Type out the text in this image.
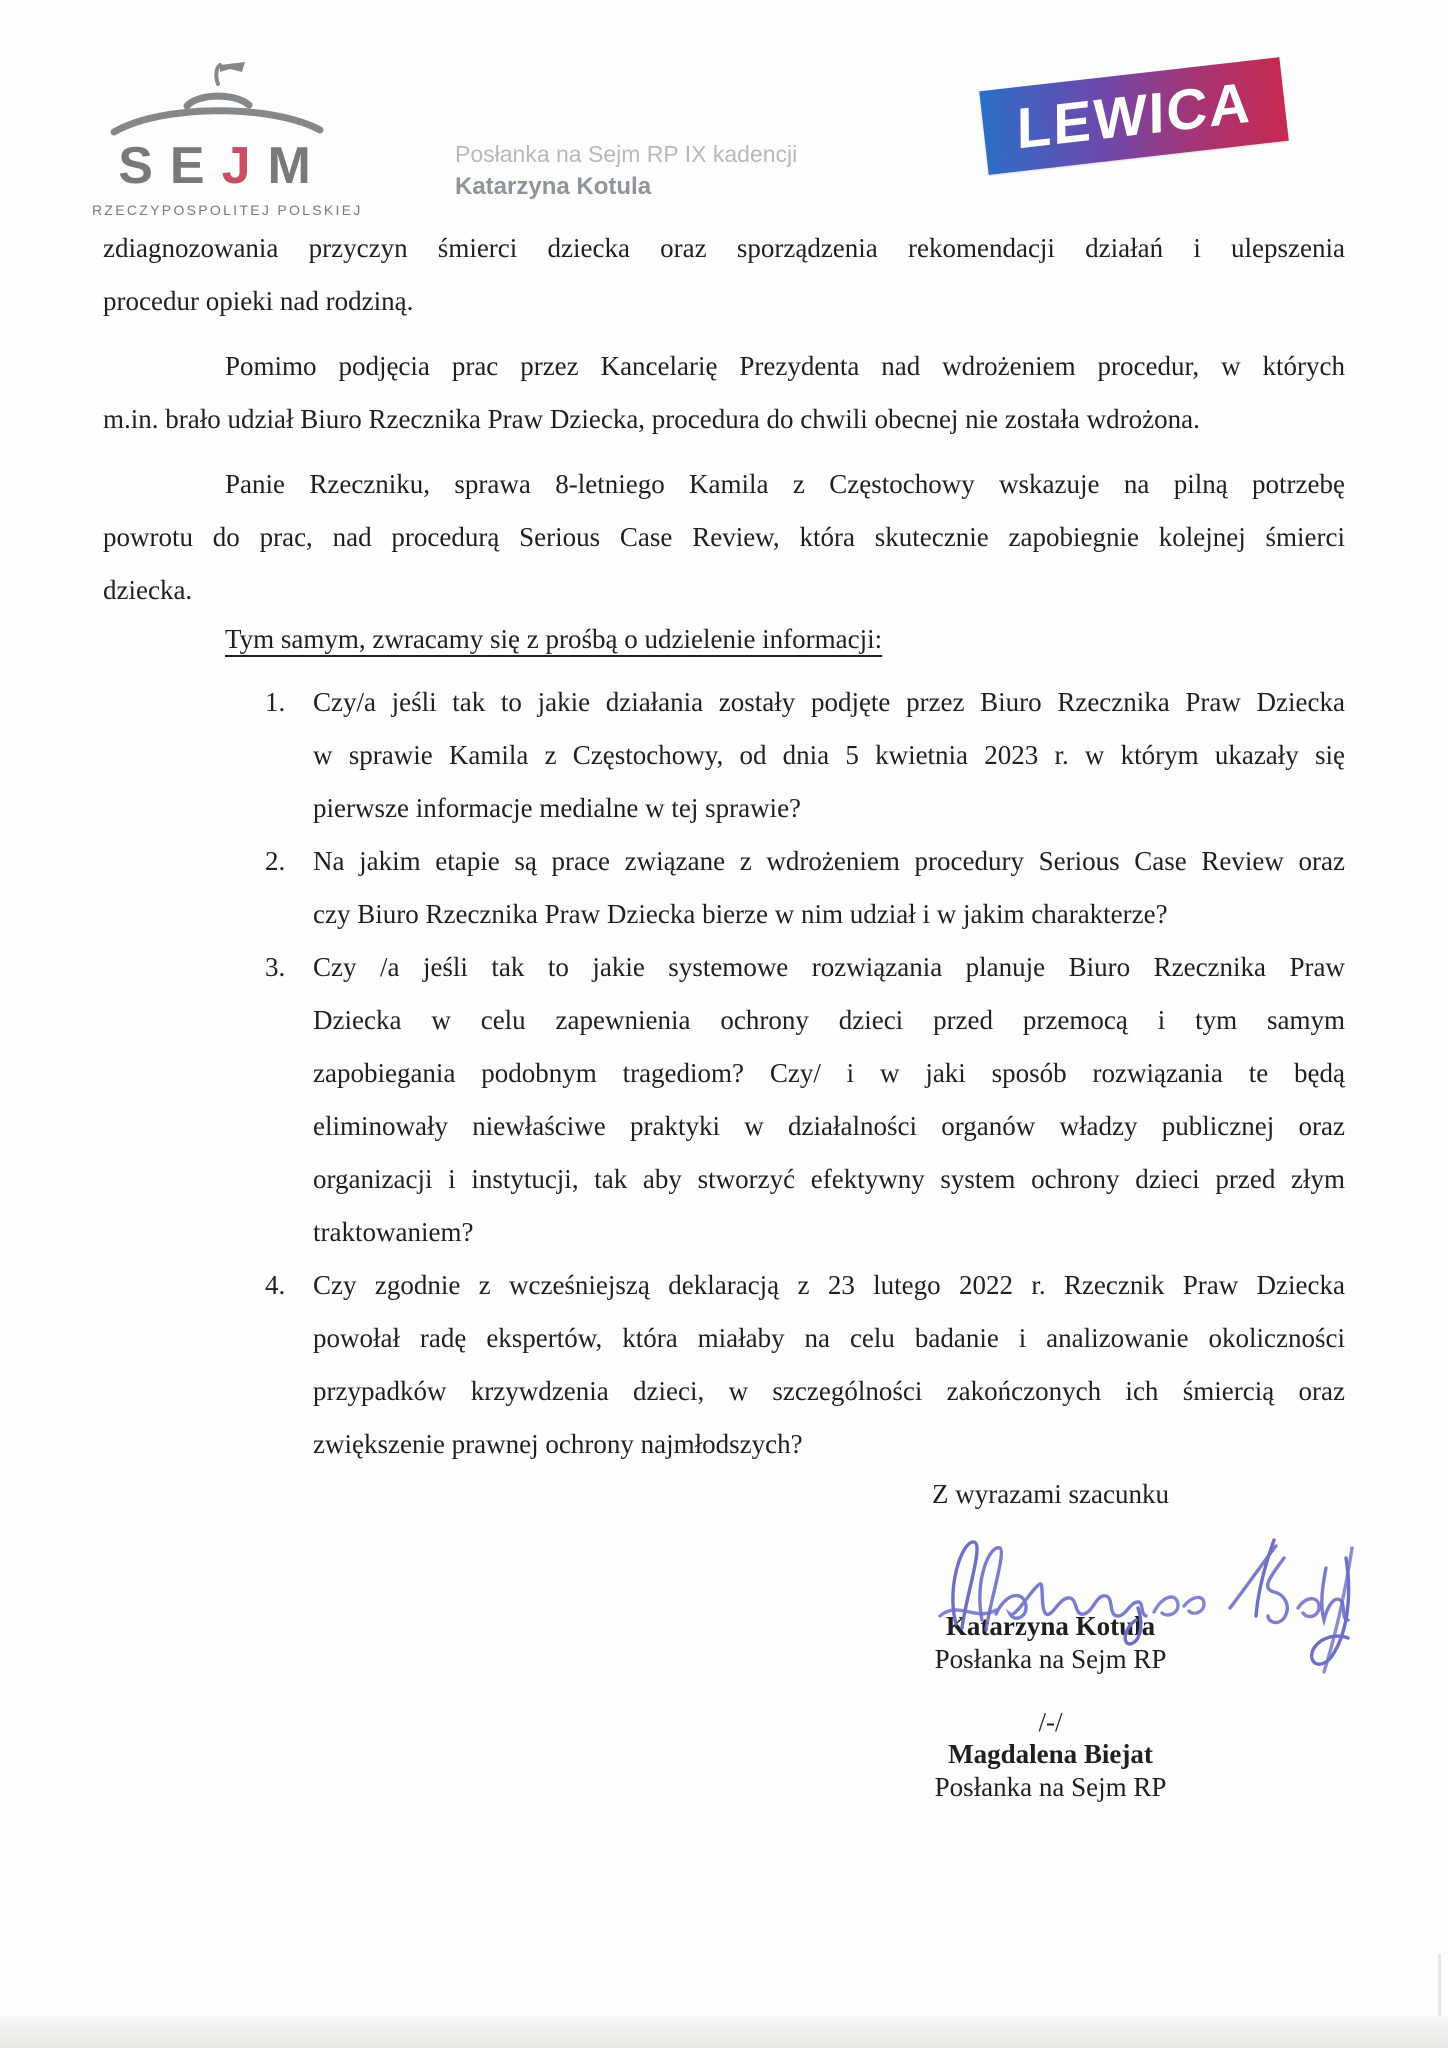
SEJM
RZECZYPOSPOLITEJ POLSKIEJ
Posłanka na Sejm RP IX kadencji
Katarzyna Kotula
LEWICA
zdiagnozowania przyczyn śmierci dziecka oraz sporządzenia rekomendacji działań i ulepszenia
procedur opieki nad rodziną.
Pomimo podjęcia prac przez Kancelarię Prezydenta nad wdrożeniem procedur, w których
m.in. brało udział Biuro Rzecznika Praw Dziecka, procedura do chwili obecnej nie została wdrożona.
Panie Rzeczniku, sprawa 8-letniego Kamila z Częstochowy wskazuje na pilną potrzebę
powrotu do prac, nad procedurą Serious Case Review, która skutecznie zapobiegnie kolejnej śmierci
dziecka.
Tym samym, zwracamy się z prośbą o udzielenie informacji:
1. Czy/a jeśli tak to jakie działania zostały podjęte przez Biuro Rzecznika Praw Dziecka
w sprawie Kamila z Częstochowy, od dnia 5 kwietnia 2023 r. w którym ukazały się
pierwsze informacje medialne w tej sprawie?
2. Na jakim etapie są prace związane z wdrożeniem procedury Serious Case Review oraz
czy Biuro Rzecznika Praw Dziecka bierze w nim udział i w jakim charakterze?
3. Czy /a jeśli tak to jakie systemowe rozwiązania planuje Biuro Rzecznika Praw
Dziecka w celu zapewnienia ochrony dzieci przed przemocą i tym samym
zapobiegania podobnym tragediom? Czy/ i w jaki sposób rozwiązania te będą
eliminowały niewłaściwe praktyki w działalności organów władzy publicznej oraz
organizacji i instytucji, tak aby stworzyć efektywny system ochrony dzieci przed złym
traktowaniem?
4. Czy zgodnie z wcześniejszą deklaracją z 23 lutego 2022 r. Rzecznik Praw Dziecka
powołał radę ekspertów, która miałaby na celu badanie i analizowanie okoliczności
przypadków krzywdzenia dzieci, w szczególności zakończonych ich śmiercią oraz
zwiększenie prawnej ochrony najmłodszych?
Z wyrazami szacunku
Katarzyna Kotula
Posłanka na Sejm RP
/-/
Magdalena Biejat
Posłanka na Sejm RP
